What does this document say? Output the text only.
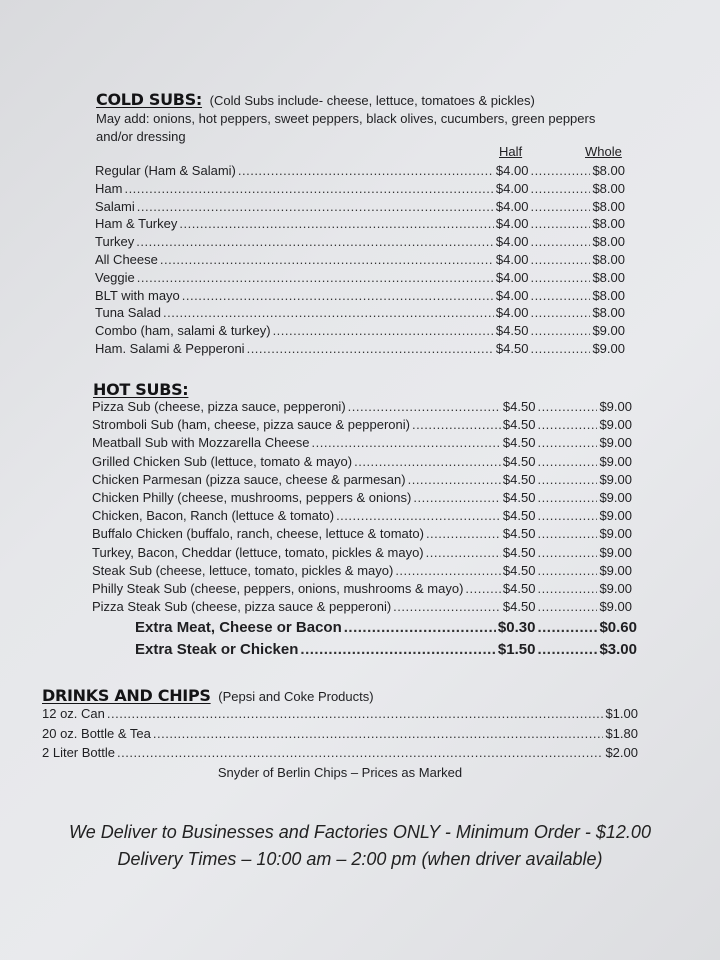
COLD SUBS: (Cold Subs include- cheese, lettuce, tomatoes & pickles)
May add: onions, hot peppers, sweet peppers, black olives, cucumbers, green peppers
and/or dressing
Half	Whole
Regular (Ham & Salami) .....	$4.00 .....	$8.00
Ham .....	$4.00 .....	$8.00
Salami .....	$4.00 .....	$8.00
Ham & Turkey .....	$4.00 .....	$8.00
Turkey .....	$4.00 .....	$8.00
All Cheese .....	$4.00 .....	$8.00
Veggie .....	$4.00 .....	$8.00
BLT with mayo .....	$4.00 .....	$8.00
Tuna Salad .....	$4.00 .....	$8.00
Combo (ham, salami & turkey) .....	$4.50 .....	$9.00
Ham. Salami & Pepperoni .....	$4.50 .....	$9.00
HOT SUBS:
Pizza Sub (cheese, pizza sauce, pepperoni) .....	$4.50 .....	$9.00
Stromboli Sub (ham, cheese, pizza sauce & pepperoni) .....	$4.50 .....	$9.00
Meatball Sub with Mozzarella Cheese .....	$4.50 .....	$9.00
Grilled Chicken Sub (lettuce, tomato & mayo) .....	$4.50 .....	$9.00
Chicken Parmesan (pizza sauce, cheese & parmesan) .....	$4.50 .....	$9.00
Chicken Philly (cheese, mushrooms, peppers & onions) .....	$4.50 .....	$9.00
Chicken, Bacon, Ranch (lettuce & tomato) .....	$4.50 .....	$9.00
Buffalo Chicken (buffalo, ranch, cheese, lettuce & tomato) .....	$4.50 .....	$9.00
Turkey, Bacon, Cheddar (lettuce, tomato, pickles & mayo) .....	$4.50 .....	$9.00
Steak Sub (cheese, lettuce, tomato, pickles & mayo) .....	$4.50 .....	$9.00
Philly Steak Sub (cheese, peppers, onions, mushrooms & mayo) .....	$4.50 .....	$9.00
Pizza Steak Sub (cheese, pizza sauce & pepperoni) .....	$4.50 .....	$9.00
Extra Meat, Cheese or Bacon .....	$0.30 .....	$0.60
Extra Steak or Chicken .....	$1.50 .....	$3.00
DRINKS AND CHIPS (Pepsi and Coke Products)
12 oz. Can .....	$1.00
20 oz. Bottle & Tea .....	$1.80
2 Liter Bottle .....	$2.00
Snyder of Berlin Chips – Prices as Marked
We Deliver to Businesses and Factories ONLY - Minimum Order - $12.00
Delivery Times – 10:00 am – 2:00 pm (when driver available)
